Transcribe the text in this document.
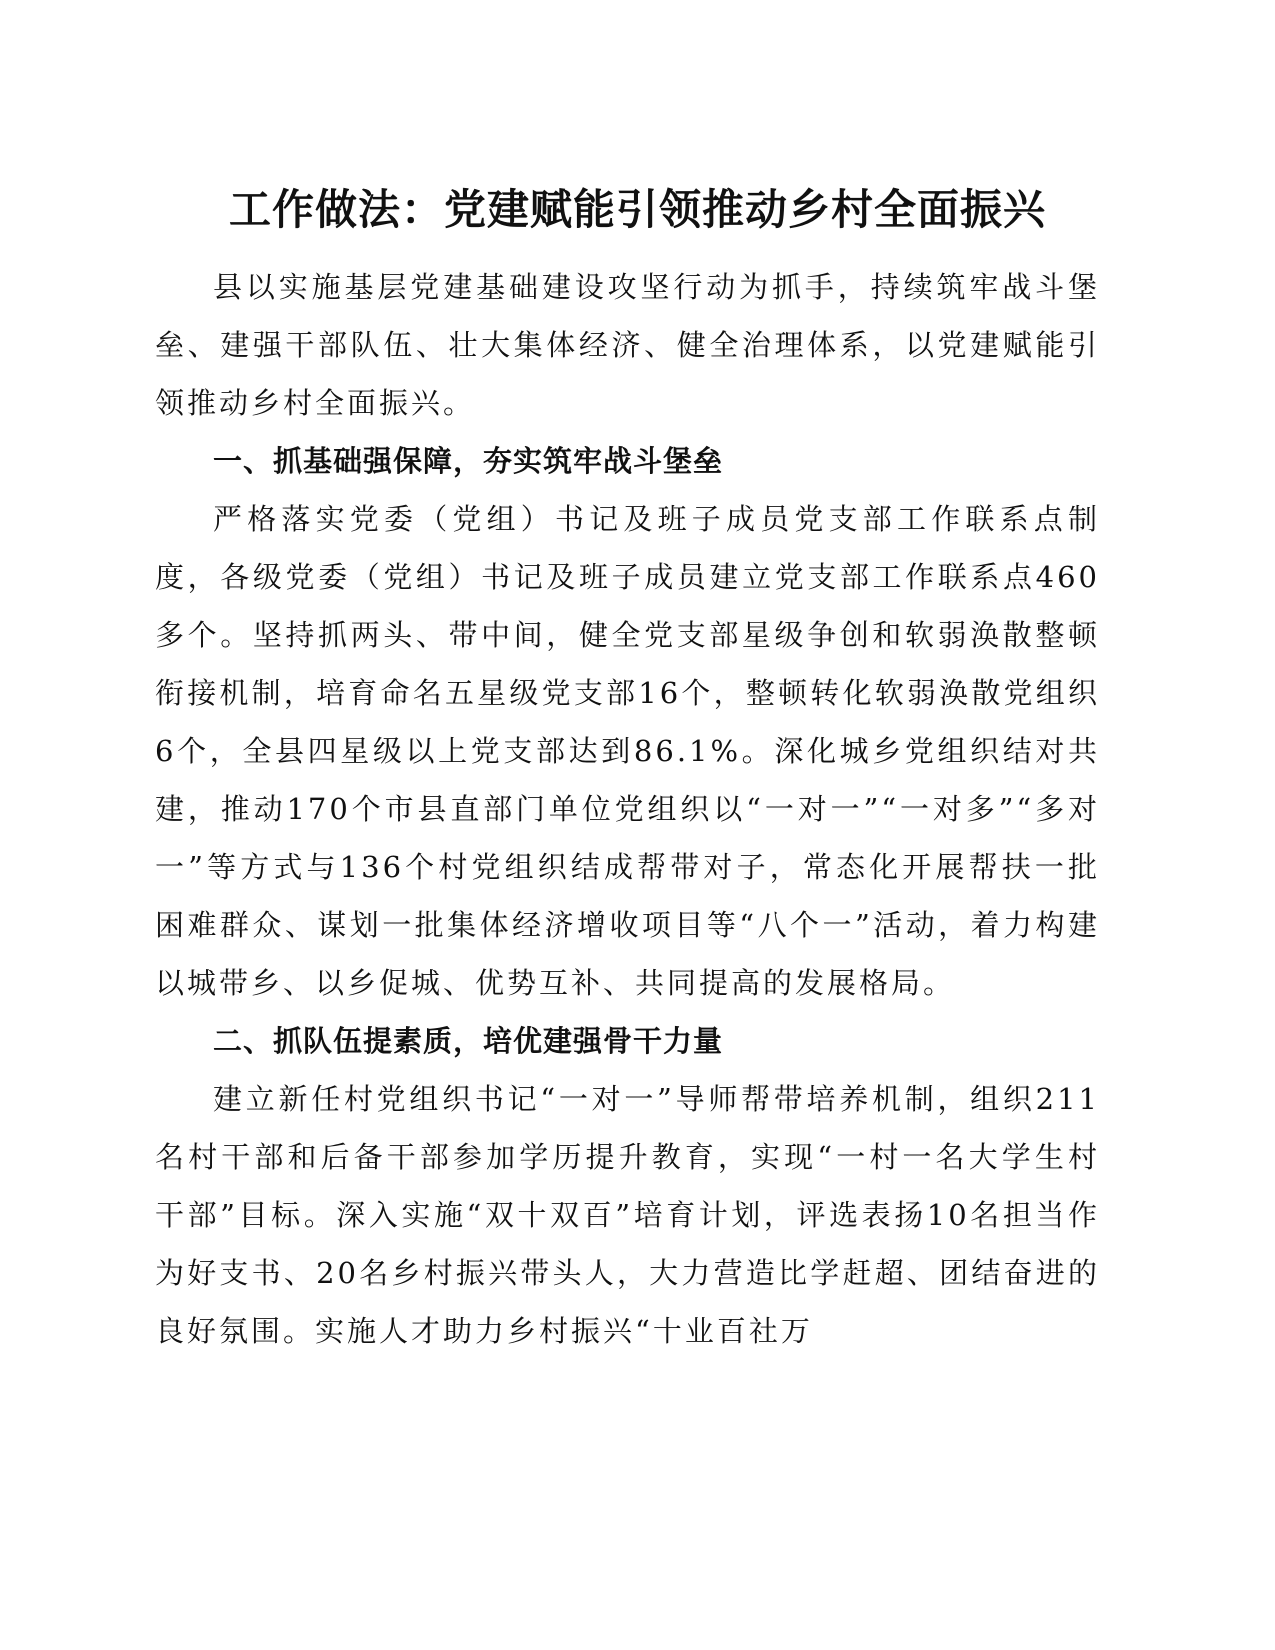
工作做法：党建赋能引领推动乡村全面振兴

县以实施基层党建基础建设攻坚行动为抓手，持续筑牢战斗堡垒、建强干部队伍、壮大集体经济、健全治理体系，以党建赋能引领推动乡村全面振兴。

一、抓基础强保障，夯实筑牢战斗堡垒

严格落实党委（党组）书记及班子成员党支部工作联系点制度，各级党委（党组）书记及班子成员建立党支部工作联系点460多个。坚持抓两头、带中间，健全党支部星级争创和软弱涣散整顿衔接机制，培育命名五星级党支部16个，整顿转化软弱涣散党组织6个，全县四星级以上党支部达到86.1%。深化城乡党组织结对共建，推动170个市县直部门单位党组织以“一对一”“一对多”“多对一”等方式与136个村党组织结成帮带对子，常态化开展帮扶一批困难群众、谋划一批集体经济增收项目等“八个一”活动，着力构建以城带乡、以乡促城、优势互补、共同提高的发展格局。

二、抓队伍提素质，培优建强骨干力量

建立新任村党组织书记“一对一”导师帮带培养机制，组织211名村干部和后备干部参加学历提升教育，实现“一村一名大学生村干部”目标。深入实施“双十双百”培育计划，评选表扬10名担当作为好支书、20名乡村振兴带头人，大力营造比学赶超、团结奋进的良好氛围。实施人才助力乡村振兴“十业百社万
